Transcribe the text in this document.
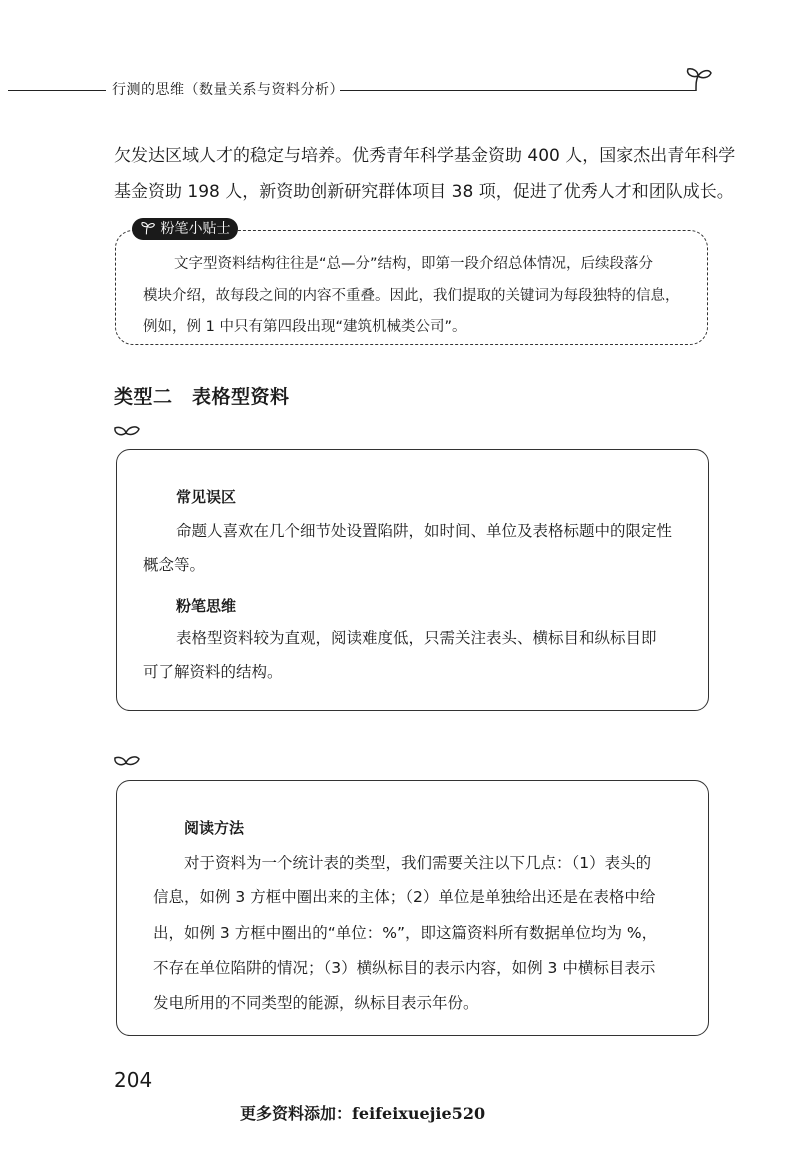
行测的思维（数量关系与资料分析）
欠发达区域人才的稳定与培养。优秀青年科学基金资助 400 人，国家杰出青年科学
基金资助 198 人，新资助创新研究群体项目 38 项，促进了优秀人才和团队成长。
粉笔小贴士
文字型资料结构往往是“总—分”结构，即第一段介绍总体情况，后续段落分
模块介绍，故每段之间的内容不重叠。因此，我们提取的关键词为每段独特的信息，
例如，例 1 中只有第四段出现“建筑机械类公司”。
类型二　表格型资料
常见误区
命题人喜欢在几个细节处设置陷阱，如时间、单位及表格标题中的限定性
概念等。
粉笔思维
表格型资料较为直观，阅读难度低，只需关注表头、横标目和纵标目即
可了解资料的结构。
阅读方法
对于资料为一个统计表的类型，我们需要关注以下几点：（1）表头的
信息，如例 3 方框中圈出来的主体；（2）单位是单独给出还是在表格中给
出，如例 3 方框中圈出的“单位：%”，即这篇资料所有数据单位均为 %，
不存在单位陷阱的情况；（3）横纵标目的表示内容，如例 3 中横标目表示
发电所用的不同类型的能源，纵标目表示年份。
204
更多资料添加：feifeixuejie520
